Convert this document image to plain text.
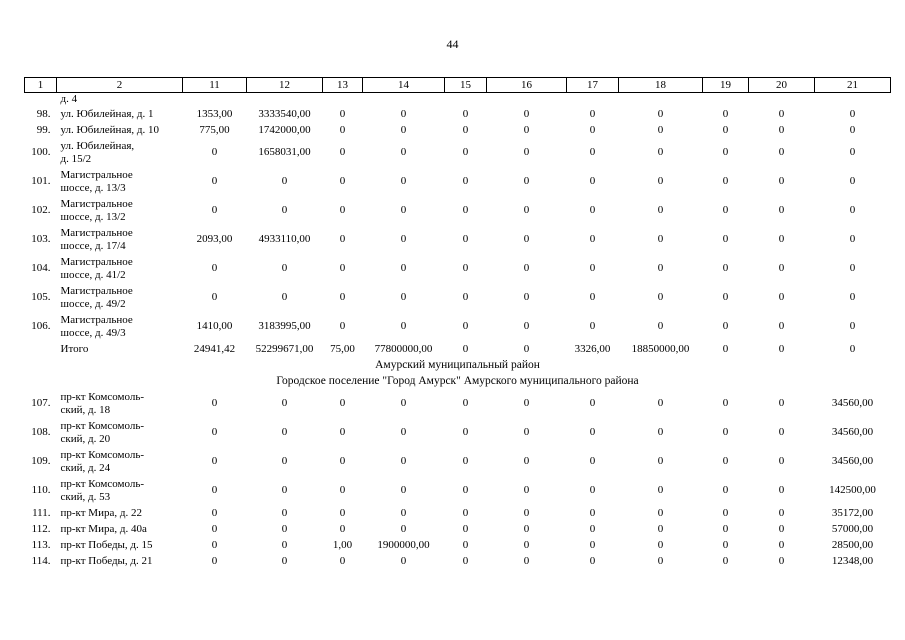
44
1	2	11	12	13	14	15	16	17	18	19	20	21
	д. 4											
98.	ул. Юбилейная, д. 1	1353,00	3333540,00	0	0	0	0	0	0	0	0	0
99.	ул. Юбилейная, д. 10	775,00	1742000,00	0	0	0	0	0	0	0	0	0
100.	ул. Юбилейная,
д. 15/2	0	1658031,00	0	0	0	0	0	0	0	0	0
101.	Магистральное
шоссе, д. 13/3	0	0	0	0	0	0	0	0	0	0	0
102.	Магистральное
шоссе, д. 13/2	0	0	0	0	0	0	0	0	0	0	0
103.	Магистральное
шоссе, д. 17/4	2093,00	4933110,00	0	0	0	0	0	0	0	0	0
104.	Магистральное
шоссе, д. 41/2	0	0	0	0	0	0	0	0	0	0	0
105.	Магистральное
шоссе, д. 49/2	0	0	0	0	0	0	0	0	0	0	0
106.	Магистральное
шоссе, д. 49/3	1410,00	3183995,00	0	0	0	0	0	0	0	0	0

	Итого	24941,42	52299671,00	75,00	77800000,00	0	0	3326,00	18850000,00	0	0	0
Амурский муниципальный район												
Городское поселение "Город Амурск" Амурского муниципального района												
107.	пр-кт Комсомоль-
ский, д. 18	0	0	0	0	0	0	0	0	0	0	34560,00
108.	пр-кт Комсомоль-
ский, д. 20	0	0	0	0	0	0	0	0	0	0	34560,00
109.	пр-кт Комсомоль-
ский, д. 24	0	0	0	0	0	0	0	0	0	0	34560,00
110.	пр-кт Комсомоль-
ский, д. 53	0	0	0	0	0	0	0	0	0	0	142500,00
111.	пр-кт Мира, д. 22	0	0	0	0	0	0	0	0	0	0	35172,00
112.	пр-кт Мира, д. 40а	0	0	0	0	0	0	0	0	0	0	57000,00
113.	пр-кт Победы, д. 15	0	0	1,00	1900000,00	0	0	0	0	0	0	28500,00
114.	пр-кт Победы, д. 21	0	0	0	0	0	0	0	0	0	0	12348,00
